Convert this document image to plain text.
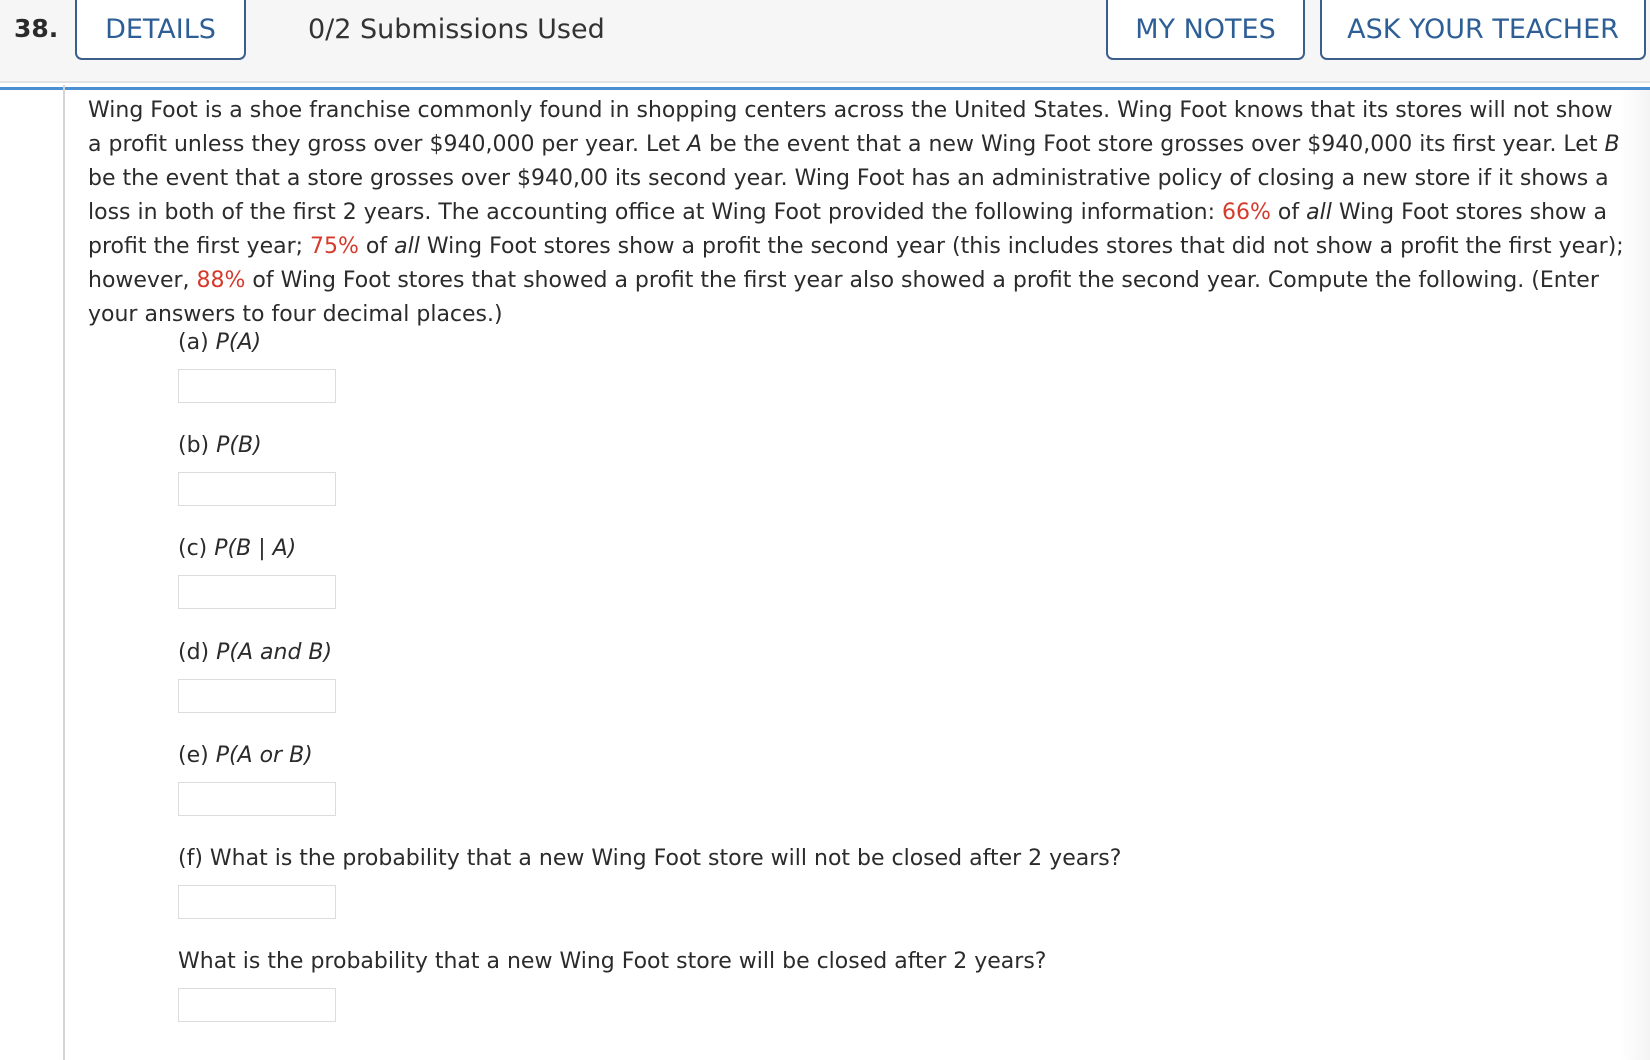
38.	DETAILS	0/2 Submissions Used	MY NOTES	ASK YOUR TEACHER
Wing Foot is a shoe franchise commonly found in shopping centers across the United States. Wing Foot knows that its stores will not show a profit unless they gross over $940,000 per year. Let A be the event that a new Wing Foot store grosses over $940,000 its first year. Let B be the event that a store grosses over $940,00 its second year. Wing Foot has an administrative policy of closing a new store if it shows a loss in both of the first 2 years. The accounting office at Wing Foot provided the following information: 66% of all Wing Foot stores show a profit the first year; 75% of all Wing Foot stores show a profit the second year (this includes stores that did not show a profit the first year); however, 88% of Wing Foot stores that showed a profit the first year also showed a profit the second year. Compute the following. (Enter your answers to four decimal places.)
(a) P(A)
(b) P(B)
(c) P(B | A)
(d) P(A and B)
(e) P(A or B)
(f) What is the probability that a new Wing Foot store will not be closed after 2 years?
What is the probability that a new Wing Foot store will be closed after 2 years?
